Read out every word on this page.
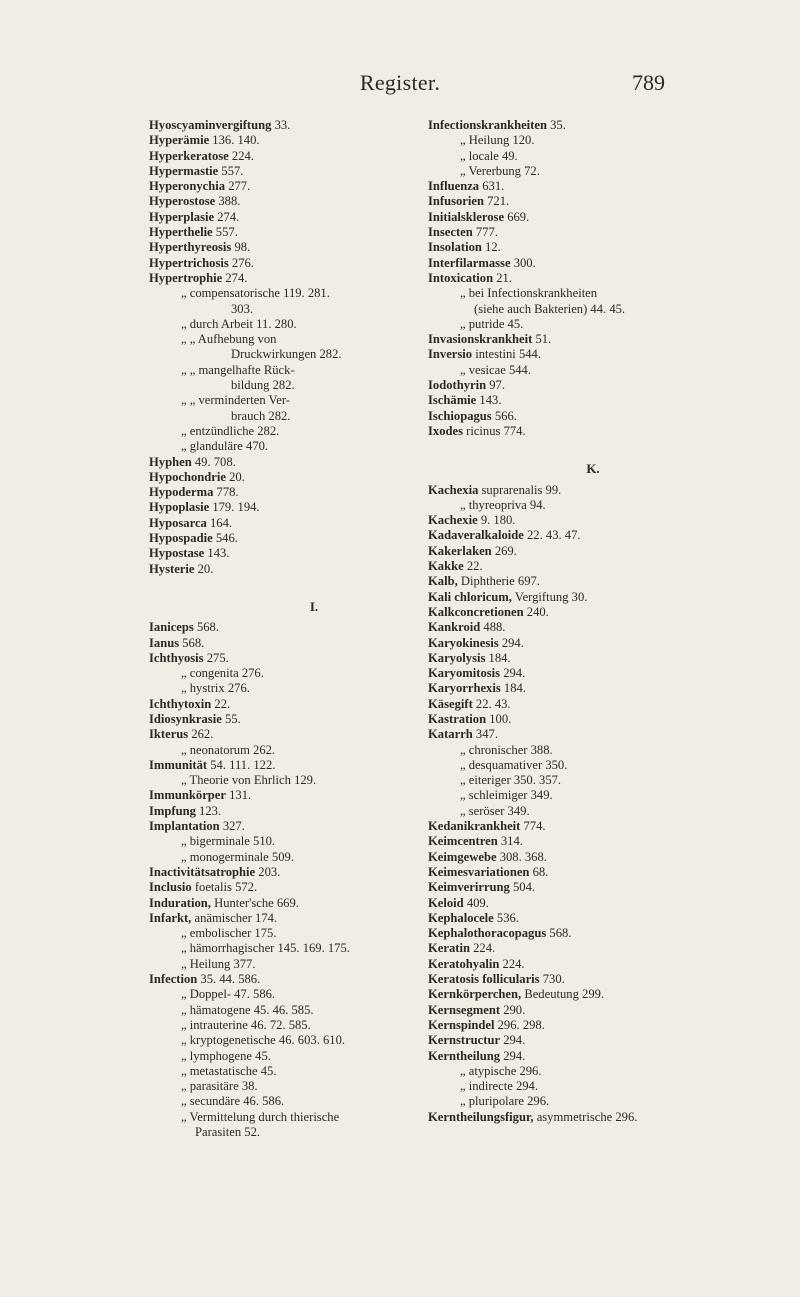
Register.	789
Hyoscyaminvergiftung 33.
Hyperämie 136. 140.
Hyperkeratose 224.
Hypermastie 557.
Hyperonychia 277.
Hyperostose 388.
Hyperplasie 274.
Hyperthelie 557.
Hyperthyreosis 98.
Hypertrichosis 276.
Hypertrophie 274.
„ compensatorische 119. 281.
303.
„ durch Arbeit 11. 280.
„ „ Aufhebung von
Druckwirkungen 282.
„ „ mangelhafte Rück-
bildung 282.
„ „ verminderten Ver-
brauch 282.
„ entzündliche 282.
„ glanduläre 470.
Hyphen 49. 708.
Hypochondrie 20.
Hypoderma 778.
Hypoplasie 179. 194.
Hyposarca 164.
Hypospadie 546.
Hypostase 143.
Hysterie 20.
I.
Ianiceps 568.
Ianus 568.
Ichthyosis 275.
„ congenita 276.
„ hystrix 276.
Ichthytoxin 22.
Idiosynkrasie 55.
Ikterus 262.
„ neonatorum 262.
Immunität 54. 111. 122.
„ Theorie von Ehrlich 129.
Immunkörper 131.
Impfung 123.
Implantation 327.
„ bigerminale 510.
„ monogerminale 509.
Inactivitätsatrophie 203.
Inclusio foetalis 572.
Induration, Hunter'sche 669.
Infarkt, anämischer 174.
„ embolischer 175.
„ hämorrhagischer 145. 169. 175.
„ Heilung 377.
Infection 35. 44. 586.
„ Doppel- 47. 586.
„ hämatogene 45. 46. 585.
„ intrauterine 46. 72. 585.
„ kryptogenetische 46. 603. 610.
„ lymphogene 45.
„ metastatische 45.
„ parasitäre 38.
„ secundäre 46. 586.
„ Vermittelung durch thierische
Parasiten 52.
Infectionskrankheiten 35.
„ Heilung 120.
„ locale 49.
„ Vererbung 72.
Influenza 631.
Infusorien 721.
Initialsklerose 669.
Insecten 777.
Insolation 12.
Interfilarmasse 300.
Intoxication 21.
„ bei Infectionskrankheiten
(siehe auch Bakterien) 44. 45.
„ putride 45.
Invasionskrankheit 51.
Inversio intestini 544.
„ vesicae 544.
Iodothyrin 97.
Ischämie 143.
Ischiopagus 566.
Ixodes ricinus 774.
K.
Kachexia suprarenalis 99.
„ thyreopriva 94.
Kachexie 9. 180.
Kadaveralkaloide 22. 43. 47.
Kakerlaken 269.
Kakke 22.
Kalb, Diphtherie 697.
Kali chloricum, Vergiftung 30.
Kalkconcretionen 240.
Kankroid 488.
Karyokinesis 294.
Karyolysis 184.
Karyomitosis 294.
Karyorrhexis 184.
Käsegift 22. 43.
Kastration 100.
Katarrh 347.
„ chronischer 388.
„ desquamativer 350.
„ eiteriger 350. 357.
„ schleimiger 349.
„ seröser 349.
Kedanikrankheit 774.
Keimcentren 314.
Keimgewebe 308. 368.
Keimesvariationen 68.
Keimverirrung 504.
Keloid 409.
Kephalocele 536.
Kephalothoracopagus 568.
Keratin 224.
Keratohyalin 224.
Keratosis follicularis 730.
Kernkörperchen, Bedeutung 299.
Kernsegment 290.
Kernspindel 296. 298.
Kernstructur 294.
Kerntheilung 294.
„ atypische 296.
„ indirecte 294.
„ pluripolare 296.
Kerntheilungsfigur, asymmetrische 296.
